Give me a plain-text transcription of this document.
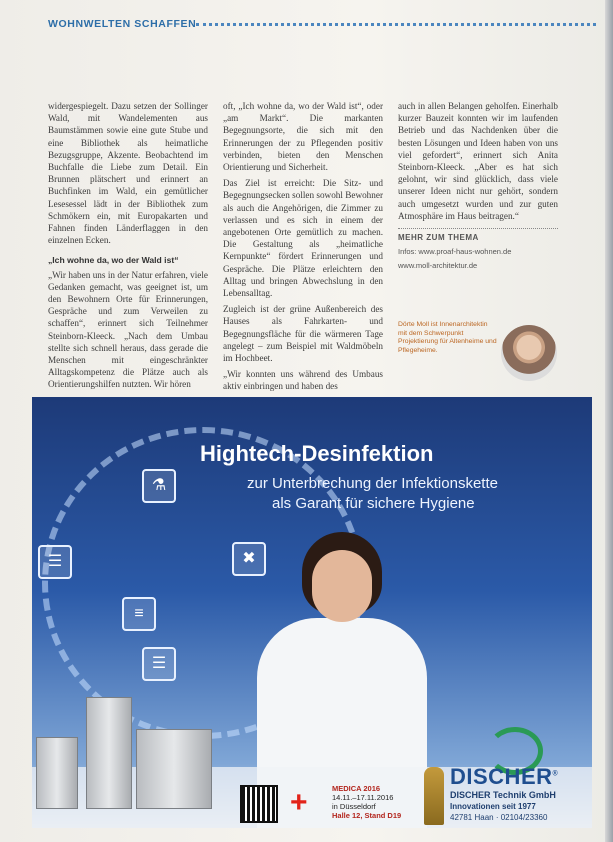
WOHNWELTEN SCHAFFEN

widergespiegelt. Dazu setzen der Sollinger Wald, mit Wandelementen aus Baumstämmen sowie eine gute Stube und eine Bibliothek als heimatliche Bezugsgruppe, Akzente. Beobachtend im Buchfalle die Liebe zum Detail. Ein Brunnen plätschert und erinnert an Buchfinken im Wald, ein gemütlicher Lesesessel lädt in der Bibliothek zum Schmökern ein, mit Europakarten und Fahnen finden Länderflaggen in den einzelnen Ecken.

„Ich wohne da, wo der Wald ist“

„Wir haben uns in der Natur erfahren, viele Gedanken gemacht, was geeignet ist, um den Bewohnern Orte für Erinnerungen, Gespräche und zum Verweilen zu schaffen“, erinnert sich Teilnehmer Steinborn-Kleeck. „Nach dem Umbau stellte sich schnell heraus, dass gerade die Menschen mit eingeschränkter Alltagskompetenz die Plätze auch als Orientierungshilfen nutzten. Wir hören

oft, „Ich wohne da, wo der Wald ist“, oder „am Markt“. Die markanten Begegnungsorte, die sich mit den Erinnerungen der zu Pflegenden positiv verbinden, bieten den Menschen Orientierung und Sicherheit.

Das Ziel ist erreicht: Die Sitz- und Begegnungsecken sollen sowohl Bewohner als auch die Angehörigen, die Zimmer zu verlassen und es sich in einem der angebotenen Orte gemütlich zu machen. Die Gestaltung als „heimatliche Kernpunkte“ fördert Erinnerungen und Gespräche. Die Plätze erleichtern den Alltag und bringen Abwechslung in den Lebensalltag.

Zugleich ist der grüne Außenbereich des Hauses als Fahrkarten- und Begegnungsfläche für die wärmeren Tage angelegt – zum Beispiel mit Waldmöbeln im Hochbeet.

„Wir konnten uns während des Umbaus aktiv einbringen und haben des

auch in allen Belangen geholfen. Einerhalb kurzer Bauzeit konnten wir im laufenden Betrieb und das Nachdenken über die besten Lösungen und Ideen haben von uns viel gefordert“, erinnert sich Anita Steinborn-Kleeck. „Aber es hat sich gelohnt, wir sind glücklich, dass viele unserer Ideen nicht nur gehört, sondern auch umgesetzt wurden und zur guten Atmosphäre im Haus beitragen.“

MEHR ZUM THEMA
Infos: www.proaf-haus-wohnen.de
www.moll-architektur.de
Dörte Moll ist Innenarchitektin mit dem Schwerpunkt Projektierung für Altenheime und Pflegeheime.
⚗
☰	✖
≡
☰
Hightech-Desinfektion
zur Unterbrechung der Infektionskette
als Garant für sichere Hygiene
+	MEDICA 2016
14.11.–17.11.2016
in Düsseldorf
Halle 12, Stand D19
DISCHER®
DISCHER Technik GmbH
Innovationen seit 1977
42781 Haan · 02104/23360
